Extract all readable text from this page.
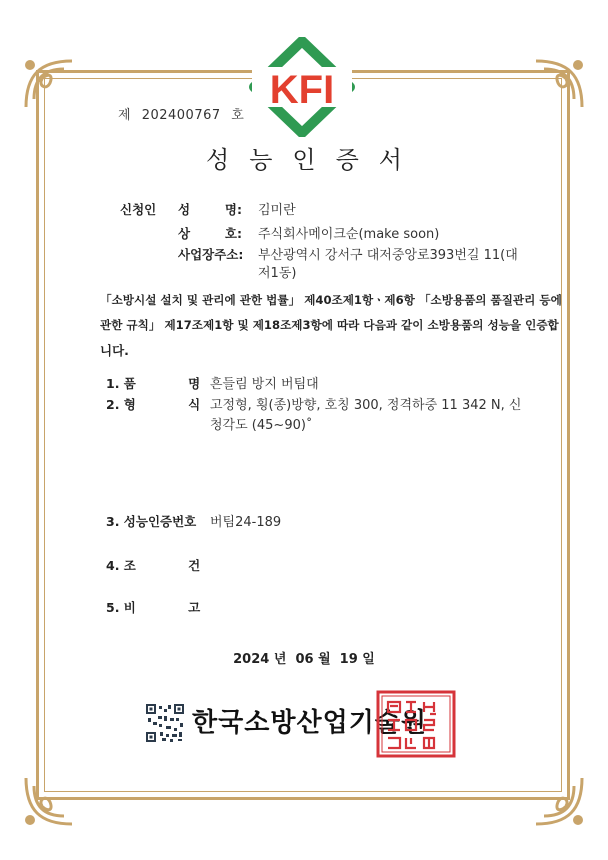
KFI
제 202400767 호
성능인증서
신청인 성        명: 김미란
상        호: 주식회사메이크순(make soon)
사업장주소: 부산광역시 강서구 대저중앙로393번길 11(대
저1동)
「소방시설 설치 및 관리에 관한 법률」 제40조제1항ㆍ제6항 「소방용품의 품질관리 등에
관한 규칙」 제17조제1항 및 제18조제3항에 따라 다음과 같이 소방용품의 성능을 인증합
니다.
1. 품            명 흔들림 방지 버팀대
2. 형            식 고정형, 횡(종)방향, 호칭 300, 정격하중 11 342 N, 신
청각도 (45~90)˚
3. 성능인증번호 버팀24-189
4. 조            건
5. 비            고
2024 년  06 월  19 일
한국소방산업기술원
